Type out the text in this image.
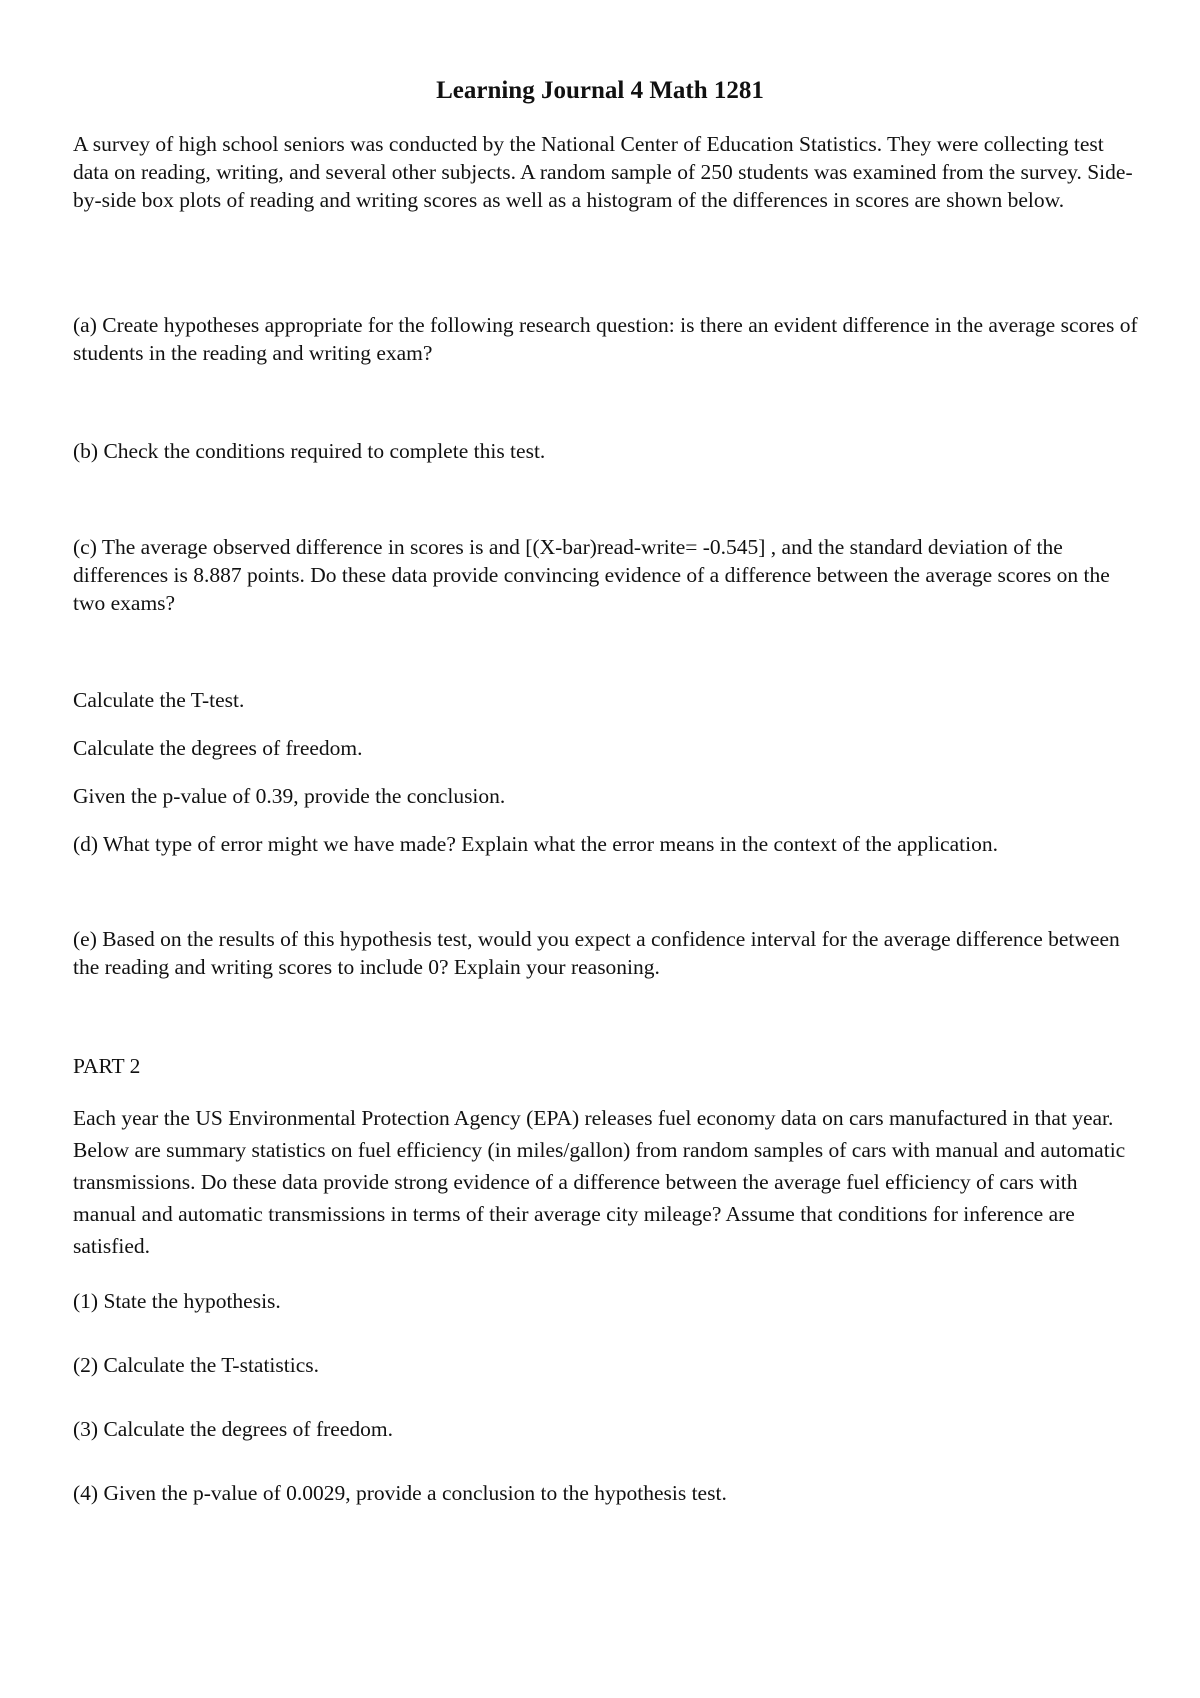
Learning Journal 4 Math 1281

A survey of high school seniors was conducted by the National Center of Education Statistics. They were collecting test data on reading, writing, and several other subjects. A random sample of 250 students was examined from the survey. Side-by-side box plots of reading and writing scores as well as a histogram of the differences in scores are shown below.

(a) Create hypotheses appropriate for the following research question: is there an evident difference in the average scores of students in the reading and writing exam?

(b) Check the conditions required to complete this test.

(c) The average observed difference in scores is and [(X-bar)read-write= -0.545] , and the standard deviation of the differences is 8.887 points. Do these data provide convincing evidence of a difference between the average scores on the two exams?

Calculate the T-test.

Calculate the degrees of freedom.

Given the p-value of 0.39, provide the conclusion.

(d) What type of error might we have made? Explain what the error means in the context of the application.

(e) Based on the results of this hypothesis test, would you expect a confidence interval for the average difference between the reading and writing scores to include 0? Explain your reasoning.

PART 2

Each year the US Environmental Protection Agency (EPA) releases fuel economy data on cars manufactured in that year. Below are summary statistics on fuel efficiency (in miles/gallon) from random samples of cars with manual and automatic transmissions. Do these data provide strong evidence of a difference between the average fuel efficiency of cars with manual and automatic transmissions in terms of their average city mileage? Assume that conditions for inference are satisfied.

(1) State the hypothesis.

(2) Calculate the T-statistics.

(3) Calculate the degrees of freedom.

(4) Given the p-value of 0.0029, provide a conclusion to the hypothesis test.
